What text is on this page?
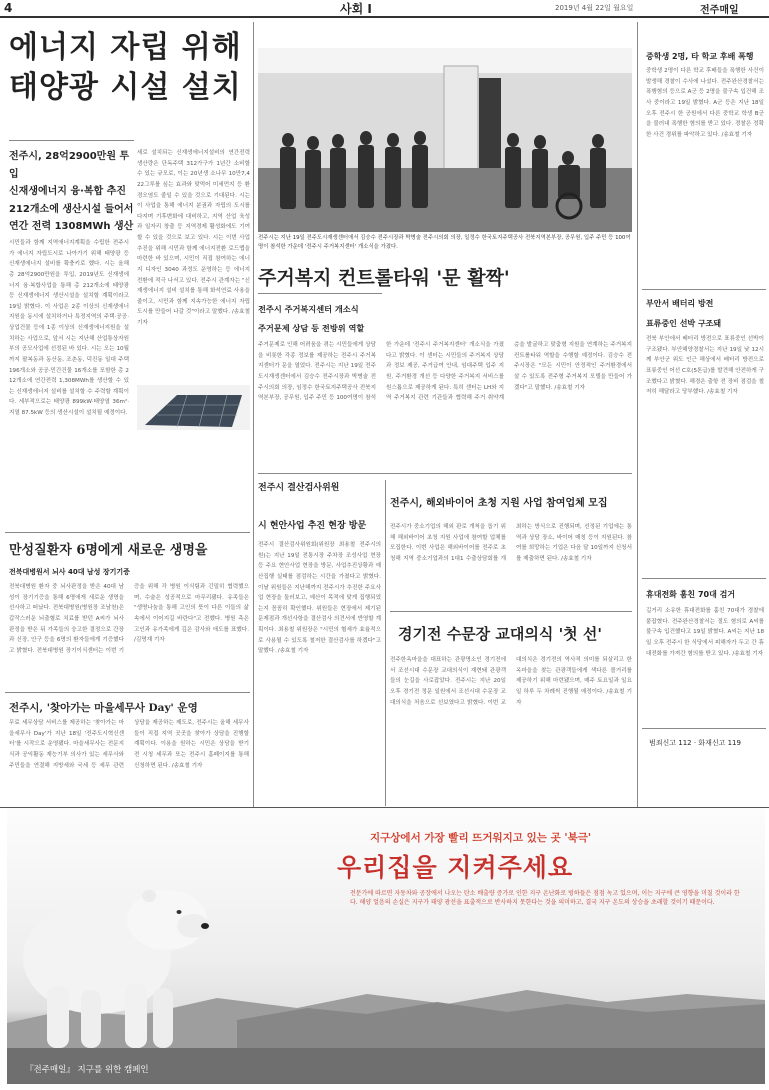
4	사회 I	2019년 4월 22일 월요일	전주매일
에너지 자립 위해
태양광 시설 설치
전주시, 28억2900만원 투입
신재생에너지 융·복합 추진
212개소에 생산시설 들어서
연간 전력 1308MWh 생산
시민들과 함께 지역에너지계획을 수립한 전주시가 에너지 자립도시로 나아가기 위해 태양광 등 신재생에너지 설비를 확충키로 했다. 시는 올해 총 28억2900만원을 투입, 2019년도 신재생에너지 융·복합사업을 통해 총 212개소에 태양광 등 신재생에너지 생산시설을 설치할 계획이라고 19일 밝혔다. 이 사업은 2종 이상의 신재생에너지원을 동시에 설치하거나 특정지역의 주택·공공·상업건물 등에 1종 이상의 신재생에너지원을 설치하는 사업으로, 앞서 시는 지난해 산업통상자원부의 공모사업에 선정된 바 있다. 시는 오는 10월까지 팔복동과 동산동, 조촌동, 덕진동 일대 주택 196개소와 공공·민간건물 16개소를 포함한 총 212개소에 연간전력 1,308MWh를 생산할 수 있는 신재생에너지 설비를 설치할 수 주력할 계획이다. 세부적으로는 태양광 899kW·태양열 36m²·지열 87.5kW 등의 생산시설이 설치될 예정이다.
세로 설치되는 신재생에너지설비의 연간전력생산량은 단독주택 312가구가 1년간 소비할 수 있는 규모로, 이는 20년생 소나무 10만7,422그루를 심는 효과와 맞먹어 미세먼지 등 환경오염도 줄일 수 있을 것으로 기대된다. 시는 이 사업을 통해 에너지 분권과 자립의 도시를 다지며 기후변화에 대비하고, 지역 산업 육성과 일자리 창출 등 지역경제 활성화에도 기여할 수 있을 것으로 보고 있다. 시는 이번 사업 추진을 위해 시민과 함께 에너지전환 로드맵을 마련한 바 있으며, 시민이 직접 참여하는 에너지 디자인 3040 과정도 운영하는 등 에너지 전환에 적극 나서고 있다. 전주시 관계자는 "신재생에너지 설비 설치를 통해 화석연료 사용을 줄이고, 시민과 함께 지속가능한 에너지 자립도시를 만들어 나갈 것"이라고 말했다. /송효철 기자
만성질환자 6명에게 새로운 생명을
전북대병원서 뇌사 40대 남성 장기기증
전북대병원 환자 중 뇌사판정을 받은 40대 남성이 장기기증을 통해 6명에게 새로운 생명을 선사하고 떠났다. 전북대병원(병원장 조남천)은 갑작스러운 뇌출혈로 치료를 받던 A씨가 뇌사판정을 받은 뒤 가족들의 숭고한 결정으로 간장과 신장, 안구 등을 6명의 환자들에게 기증했다고 밝혔다. 전북대병원 장기이식센터는 이번 기증을 위해 각 병원 이식팀과 긴밀히 협력했으며, 수술은 성공적으로 마무리됐다. 유족들은 "생명나눔을 통해 고인의 뜻이 다른 이들의 삶 속에서 이어지길 바란다"고 전했다. 병원 측은 고인과 유가족에게 깊은 감사와 애도를 표했다. /김명재 기자
전주시, '찾아가는 마을세무사 Day' 운영
무료 세무상담 서비스를 제공하는 '찾아가는 마을세무사 Day'가 지난 18일 '전주도시혁신센터'를 시작으로 운영됐다. 마을세무사는 전문지식과 공익활동 재능기부 의사가 있는 세무사와 주민들을 연결해 지방세와 국세 등 세무 관련 상담을 제공하는 제도로, 전주시는 올해 세무사들이 직접 지역 곳곳을 찾아가 상담을 진행할 계획이다. 이용을 원하는 시민은 상담을 받기 전 시청 세무과 또는 전주시 홈페이지를 통해 신청하면 된다. /송효철 기자
전주시는 지난 19일 전주도시재생센터에서 김승수 전주시장과 박병술 전주시의회 의장, 일정수 한국토지주택공사 전북지역본부장, 공무원, 입주 주민 등 100여명이 참석한 가운데 '전주시 주거복지센터' 개소식을 가졌다.
주거복지 컨트롤타워 '문 활짝'
전주시 주거복지센터 개소식
주거문제 상담 등 전방위 역할
주거문제로 인해 어려움을 겪는 시민들에게 상담을 비롯한 각종 정보를 제공하는 전주시 주거복지센터가 문을 열었다. 전주시는 지난 19일 전주도시재생센터에서 김승수 전주시장과 박병술 전주시의회 의장, 임정수 한국토지주택공사 전북지역본부장, 공무원, 입주 주민 등 100여명이 참석한 가운데 '전주시 주거복지센터' 개소식을 가졌다고 밝혔다. 이 센터는 시민들의 주거복지 상담과 정보 제공, 주거급여 안내, 임대주택 입주 지원, 주거환경 개선 등 다양한 주거복지 서비스를 원스톱으로 제공하게 된다. 특히 센터는 LH와 지역 주거복지 관련 기관들과 협력해 주거 취약계층을 발굴하고 맞춤형 지원을 연계하는 주거복지 컨트롤타워 역할을 수행할 예정이다. 김승수 전주시장은 "모든 시민이 안정적인 주거환경에서 살 수 있도록 전주형 주거복지 모델을 만들어 가겠다"고 말했다. /송효철 기자
전주시 결산검사위원
시 현안사업 추진 현장 방문
전주시 결산검사위원회(위원장 최용철 전주시의원)는 지난 19일 전통시장 주차장 조성사업 현장 등 주요 현안사업 현장을 방문, 사업추진상황과 예산집행 실태를 점검하는 시간을 가졌다고 밝혔다. 이날 위원들은 지난해까지 전주시가 추진한 주요사업 현장을 둘러보고, 예산이 목적에 맞게 집행되었는지 꼼꼼히 확인했다. 위원들은 현장에서 제기된 문제점과 개선사항을 결산검사 의견서에 반영할 계획이다. 최용철 위원장은 "시민의 혈세가 효율적으로 사용될 수 있도록 철저한 결산검사를 하겠다"고 말했다. /송효철 기자
전주시, 해외바이어 초청 지원 사업 참여업체 모집
전주시가 중소기업의 해외 판로 개척을 돕기 위해 해외바이어 초청 지원 사업에 참여할 업체를 모집한다. 이번 사업은 해외바이어를 전주로 초청해 지역 중소기업과의 1대1 수출상담회를 개최하는 방식으로 진행되며, 선정된 기업에는 통역과 상담 장소, 바이어 매칭 등이 지원된다. 참여를 희망하는 기업은 다음 달 10일까지 신청서를 제출하면 된다. /송효철 기자
경기전 수문장 교대의식 '첫 선'
전주한옥마을을 대표하는 관광명소인 경기전에서 조선시대 수문장 교대의식이 재현돼 관광객들의 눈길을 사로잡았다. 전주시는 지난 20일 오후 경기전 정문 일원에서 조선시대 수문장 교대의식을 처음으로 선보였다고 밝혔다. 이번 교대의식은 경기전의 역사적 의미를 되살리고 한옥마을을 찾는 관광객들에게 색다른 볼거리를 제공하기 위해 마련됐으며, 매주 토요일과 일요일 하루 두 차례씩 진행될 예정이다. /송효철 기자
중학생 2명, 타 학교 후배 폭행
중학생 2명이 다른 학교 후배들을 폭행한 사건이 발생해 경찰이 수사에 나섰다. 전주완산경찰서는 폭행혐의 등으로 A군 등 2명을 불구속 입건해 조사 중이라고 19일 밝혔다. A군 등은 지난 18일 오후 전주시 한 공원에서 다른 중학교 학생 B군을 불러내 폭행한 혐의를 받고 있다. 경찰은 정확한 사건 경위를 파악하고 있다. /송효철 기자
부안서 배터리 방전
표류중인 선박 구조돼
전북 부안에서 배터리 방전으로 표류중인 선박이 구조됐다. 부안해양경찰서는 지난 19일 낮 12시께 부안군 위도 인근 해상에서 배터리 방전으로 표류중인 어선 C호(5톤급)를 발견해 안전하게 구조했다고 밝혔다. 해경은 출항 전 장비 점검을 철저히 해달라고 당부했다. /송효철 기자
휴대전화 훔친 70대 검거
길거리 소유한 휴대전화를 훔친 70대가 경찰에 붙잡혔다. 전주완산경찰서는 절도 혐의로 A씨를 불구속 입건했다고 19일 밝혔다. A씨는 지난 18일 오후 전주시 한 식당에서 피해자가 두고 간 휴대전화를 가져간 혐의를 받고 있다. /송효철 기자
범죄신고 112 · 화재신고 119
지구상에서 가장 빨리 뜨거워지고 있는 곳 '북극'
우리집을 지켜주세요
전문가에 따르면 자동차와 공장에서 나오는 탄소 배출량 증가로 인한 지구 온난화로 빙하들은 점점 녹고 있으며, 이는 지구에 큰 영향을 미칠 것이라 한다. 해양 얼음의 손실은 지구가 태양 광선을 표출적으로 반사하지 못한다는 것을 의미하고, 결국 지구 온도의 상승을 초래할 것이기 때문이다.
『전주매일』 지구를 위한 캠페인
